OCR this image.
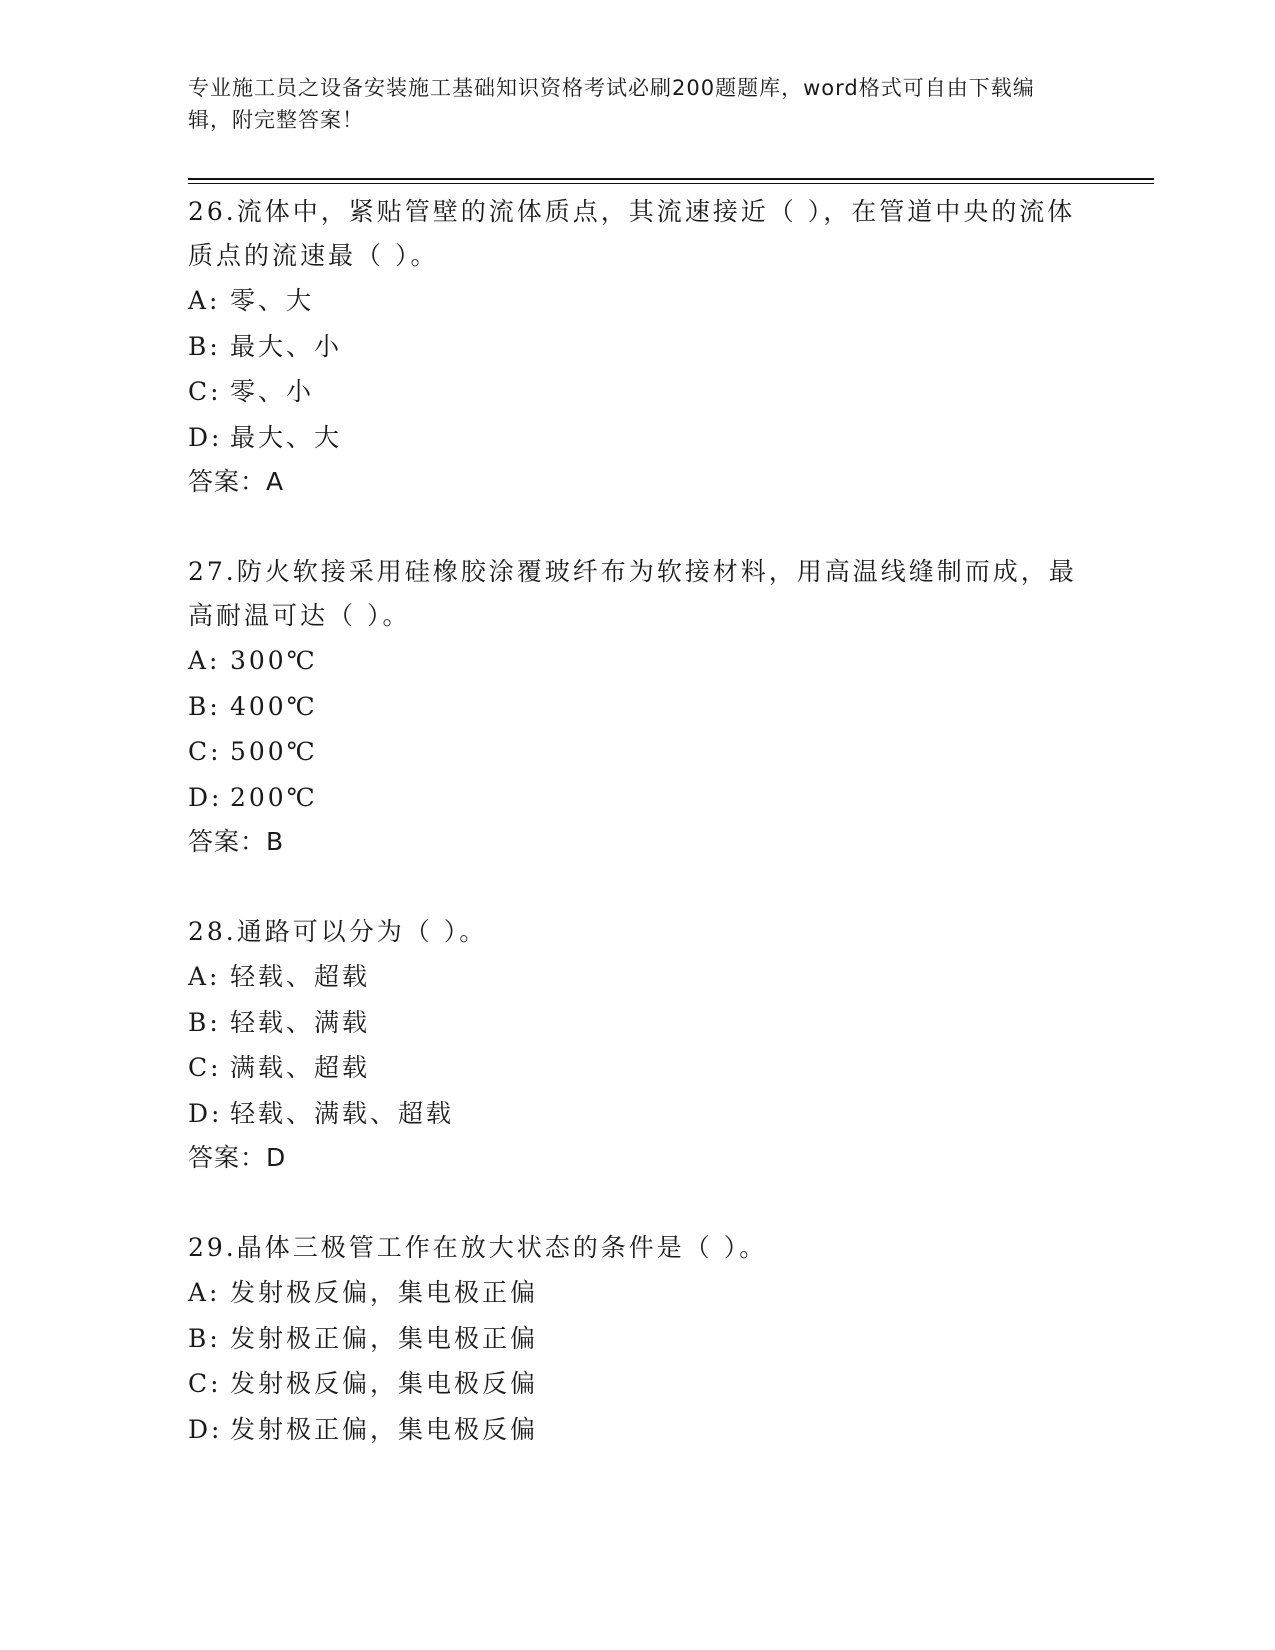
专业施工员之设备安装施工基础知识资格考试必刷200题题库，word格式可自由下载编辑，附完整答案！
26.流体中，紧贴管壁的流体质点，其流速接近（ ），在管道中央的流体质点的流速最（ ）。
A: 零、大
B: 最大、小
C: 零、小
D: 最大、大
答案：A
27.防火软接采用硅橡胶涂覆玻纤布为软接材料，用高温线缝制而成，最高耐温可达（ ）。
A: 300℃
B: 400℃
C: 500℃
D: 200℃
答案：B
28.通路可以分为（ ）。
A: 轻载、超载
B: 轻载、满载
C: 满载、超载
D: 轻载、满载、超载
答案：D
29.晶体三极管工作在放大状态的条件是（ ）。
A: 发射极反偏，集电极正偏
B: 发射极正偏，集电极正偏
C: 发射极反偏，集电极反偏
D: 发射极正偏，集电极反偏
